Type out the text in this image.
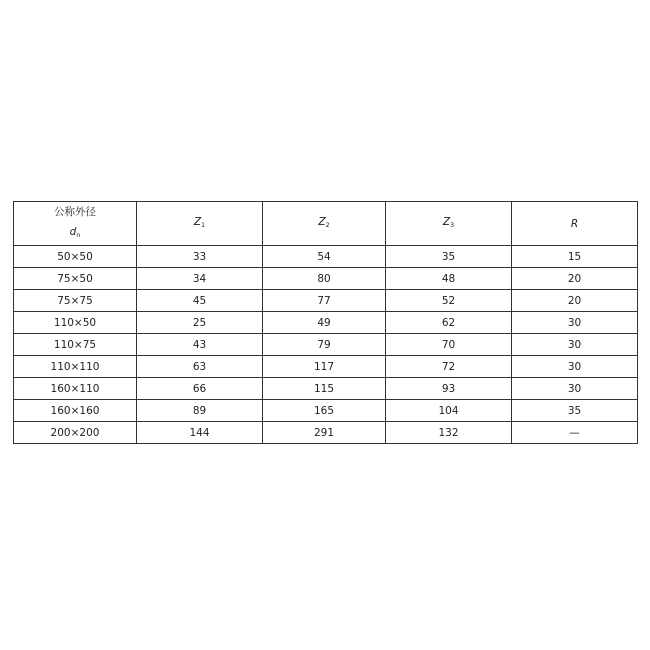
公称外径
$d_n$	$Z_1$	$Z_2$	$Z_3$	R
50×50	33	54	35	15
75×50	34	80	48	20
75×75	45	77	52	20
110×50	25	49	62	30
110×75	43	79	70	30
110×110	63	117	72	30
160×110	66	115	93	30
160×160	89	165	104	35
200×200	144	291	132	—
